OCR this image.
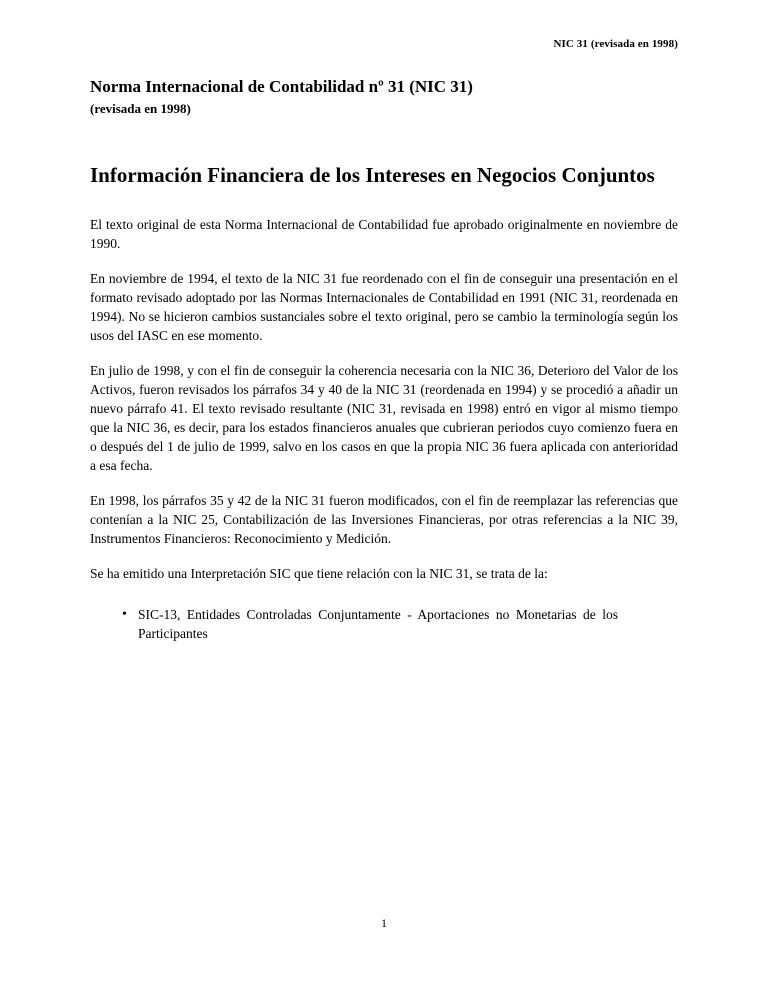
NIC 31 (revisada en 1998)
Norma Internacional de Contabilidad nº 31 (NIC 31)
(revisada en 1998)
Información Financiera de los Intereses en Negocios Conjuntos

El texto original de esta Norma Internacional de Contabilidad fue aprobado originalmente en noviembre de 1990.

En noviembre de 1994, el texto de la NIC 31 fue reordenado con el fin de conseguir una presentación en el formato revisado adoptado por las Normas Internacionales de Contabilidad en 1991 (NIC 31, reordenada en 1994). No se hicieron cambios sustanciales sobre el texto original, pero se cambio la terminología según los usos del IASC en ese momento.

En julio de 1998, y con el fin de conseguir la coherencia necesaria con la NIC 36, Deterioro del Valor de los Activos, fueron revisados los párrafos 34 y 40 de la NIC 31 (reordenada en 1994) y se procedió a añadir un nuevo párrafo 41. El texto revisado resultante (NIC 31, revisada en 1998) entró en vigor al mismo tiempo que la NIC 36, es decir, para los estados financieros anuales que cubrieran periodos cuyo comienzo fuera en o después del 1 de julio de 1999, salvo en los casos en que la propia NIC 36 fuera aplicada con anterioridad a esa fecha.

En 1998, los párrafos 35 y 42 de la NIC 31 fueron modificados, con el fin de reemplazar las referencias que contenían a la NIC 25, Contabilización de las Inversiones Financieras, por otras referencias a la NIC 39, Instrumentos Financieros: Reconocimiento y Medición.

Se ha emitido una Interpretación SIC que tiene relación con la NIC 31, se trata de la:

• SIC-13, Entidades Controladas Conjuntamente - Aportaciones no Monetarias de los Participantes
1
